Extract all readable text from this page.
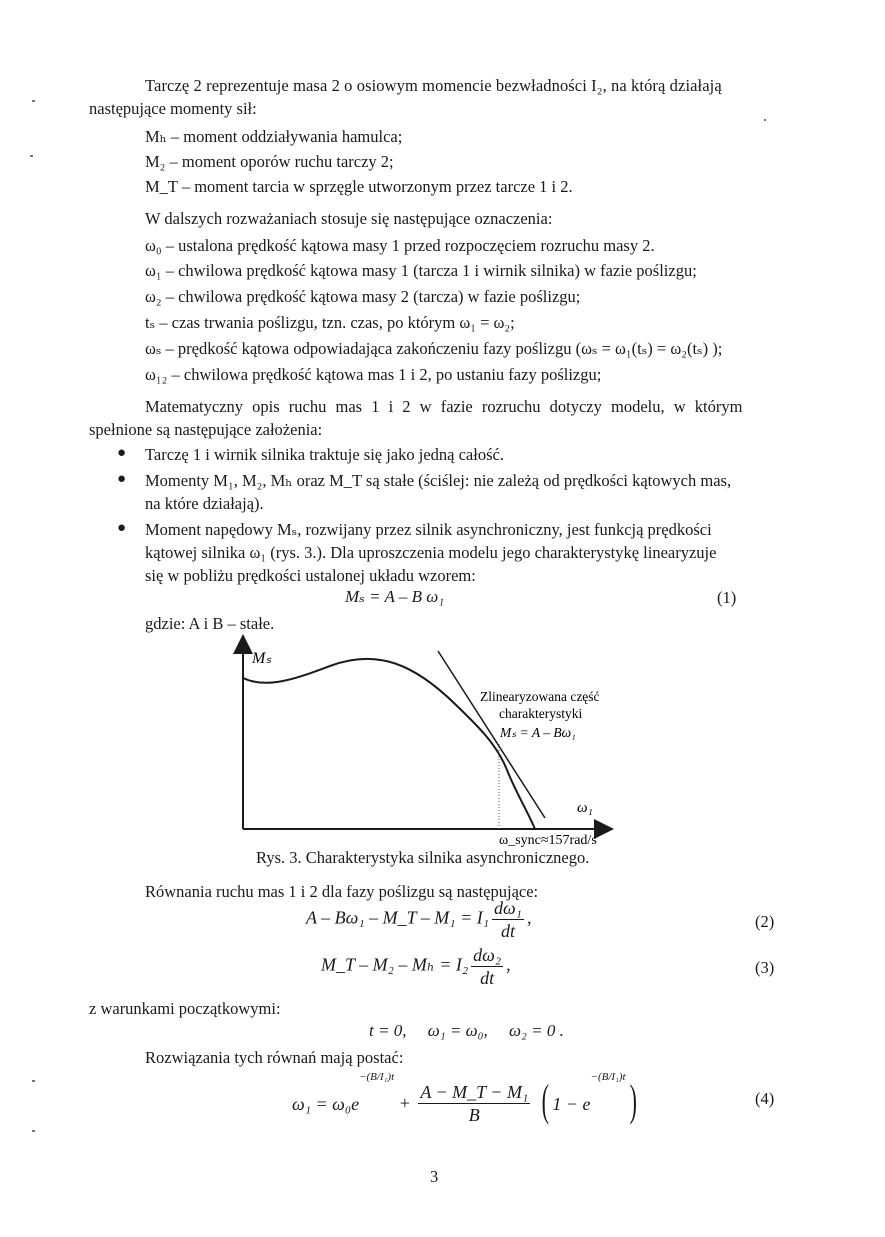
Tarczę 2 reprezentuje masa 2 o osiowym momencie bezwładności I₂, na którą działają
następujące momenty sił:
Mₕ – moment oddziaływania hamulca;
M₂ – moment oporów ruchu tarczy 2;
M_T – moment tarcia w sprzęgle utworzonym przez tarcze 1 i 2.
W dalszych rozważaniach stosuje się następujące oznaczenia:
ω₀ – ustalona prędkość kątowa masy 1 przed rozpoczęciem rozruchu masy 2.
ω₁ – chwilowa prędkość kątowa masy 1 (tarcza 1 i wirnik silnika) w fazie poślizgu;
ω₂ – chwilowa prędkość kątowa masy 2 (tarcza) w fazie poślizgu;
tₛ – czas trwania poślizgu, tzn. czas, po którym ω₁ = ω₂;
ωₛ – prędkość kątowa odpowiadająca zakończeniu fazy poślizgu (ωₛ = ω₁(tₛ) = ω₂(tₛ) );
ω₁₂ – chwilowa prędkość kątowa mas 1 i 2, po ustaniu fazy poślizgu;
Matematyczny opis ruchu mas 1 i 2 w fazie rozruchu dotyczy modelu, w którym
spełnione są następujące założenia:
● Tarczę 1 i wirnik silnika traktuje się jako jedną całość.
● Momenty M₁, M₂, Mₕ oraz M_T są stałe (ściślej: nie zależą od prędkości kątowych mas,
na które działają).
● Moment napędowy Mₛ, rozwijany przez silnik asynchroniczny, jest funkcją prędkości
kątowej silnika ω₁ (rys. 3.). Dla uproszczenia modelu jego charakterystykę linearyzuje
się w pobliżu prędkości ustalonej układu wzorem:
Mₛ = A – B ω₁	(1)
gdzie: A i B – stałe.
Mₛ
Zlinearyzowana część
charakterystyki
Mₛ = A – Bω₁
ω₁
ω_sync≈157rad/s
Rys. 3. Charakterystyka silnika asynchronicznego.
Równania ruchu mas 1 i 2 dla fazy poślizgu są następujące:
A – Bω₁ – M_T – $M_1 = I_1 \frac{\text{dω₁}}{dt}$ ,	(2)
M_T – $M_2 - M_h = I_2 \frac{\text{dω₂}}{dt}$ ,	(3)
z warunkami początkowymi:
t = 0,     ω₁ = ω₀,     ω₂ = 0 .
Rozwiązania tych równań mają postać:
$\omega_1 = \omega_0e^{-(B/I_1)t} + \frac{\text{A − M\_T − M₁}}{B}$ ( $1 - e^{-(B/I_1)t}$)	(4)
3
